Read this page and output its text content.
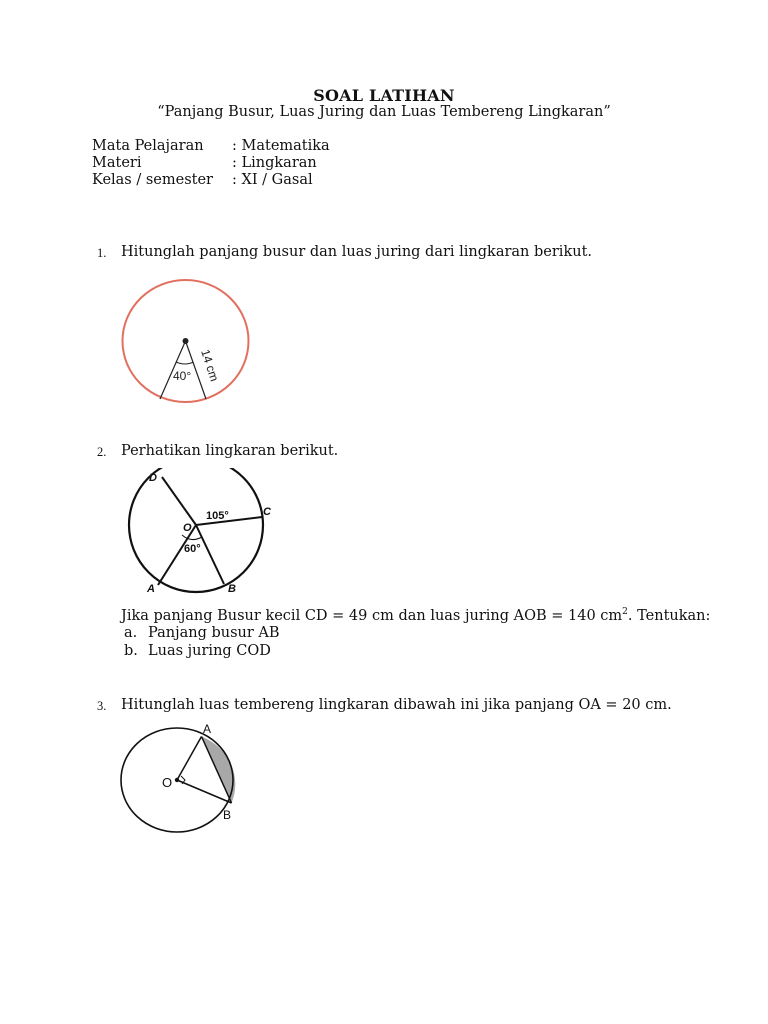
SOAL LATIHAN
“Panjang Busur, Luas Juring dan Luas Tembereng Lingkaran”
Mata Pelajaran : Matematika
Materi	: Lingkaran
Kelas / semester : XI / Gasal
1. Hitunglah panjang busur dan luas juring dari lingkaran berikut.
40° 14 cm
2. Perhatikan lingkaran berikut.
D
C
A	B
O
105°
60°
Jika panjang Busur kecil CD = 49 cm dan luas juring AOB = 140 $cm^2$. Tentukan:
a. Panjang busur AB
b. Luas juring COD
3. Hitunglah luas tembereng lingkaran dibawah ini jika panjang OA = 20 cm.
O
A
B
